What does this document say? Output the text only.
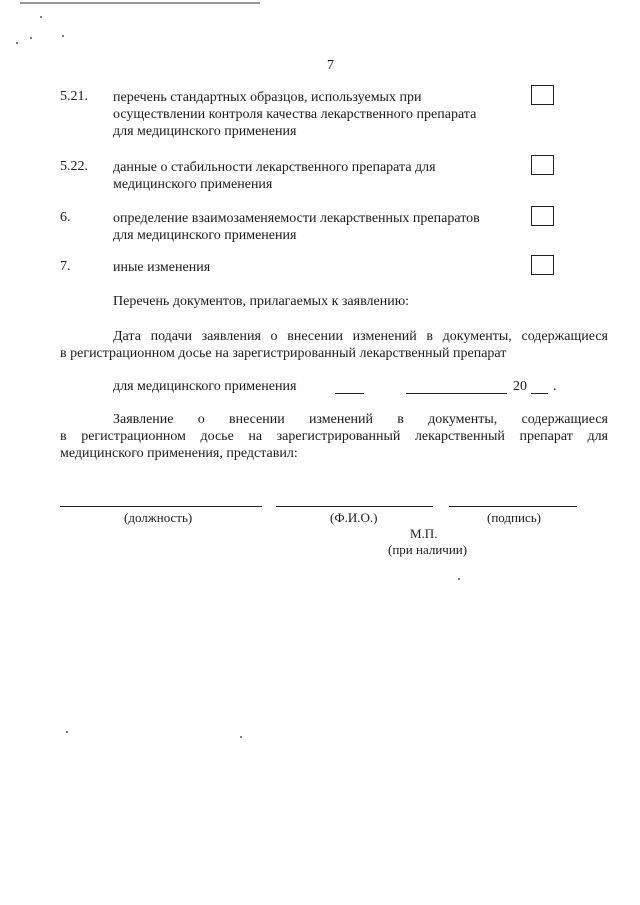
7
5.21. перечень стандартных образцов, используемых при осуществлении контроля качества лекарственного препарата для медицинского применения
5.22. данные о стабильности лекарственного препарата для медицинского применения
6.	определение взаимозаменяемости лекарственных препаратов для медицинского применения
7.	иные изменения
Перечень документов, прилагаемых к заявлению:
Дата подачи заявления о внесении изменений в документы, содержащиеся
в регистрационном досье на зарегистрированный лекарственный препарат
для медицинского применения	20 .
Заявление о внесении изменений в документы, содержащиеся
в регистрационном досье на зарегистрированный лекарственный препарат для
медицинского применения, представил:
(должность)	(Ф.И.О.)	(подпись)
М.П.
(при наличии)
